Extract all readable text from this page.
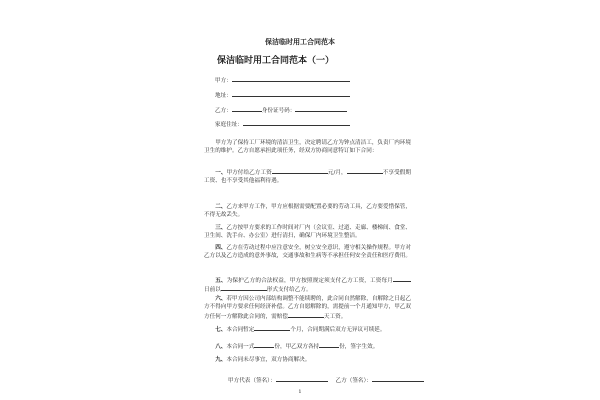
保洁临时用工合同范本
保洁临时用工合同范本（一）
甲方：
地址：
乙方：	身份证号码：
家庭住址：

甲方为了保持工厂环境的清洁卫生，决定聘请乙方为钟点清洁工，负责厂内环境卫生的维护。乙方自愿承担此项任务，经双方协商同意特订如下合同：

一、甲方付给乙方工资	元/月，	不享受假期工资、也不享受其他福利待遇。

二、乙方来甲方工作，甲方应根据需要配置必要的劳动工具，乙方要爱惜保管，不得无故丢失。

三、乙方按甲方要求的工作时间对厂内（会议室、过道、走廊、楼梯间、食堂、卫生间、洗手台、办公室）进行清扫，确保厂内环境卫生整洁。

四、乙方在劳动过程中应注意安全，树立安全意识，遵守相关操作规程。甲方对乙方以及乙方造成的意外事故，交通事故和生病等不承担任何安全责任和医疗费用。

五、为保护乙方的合法权益，甲方按照规定须支付乙方工资，工资每月日前以	形式支付给乙方。

六、若甲方因公司内部结构调整不能续聘的，此合同自然解除，自解除之日起乙方不得向甲方要求任何经济补偿。乙方自愿解除的，需提前一个月通知甲方，甲乙双方任何一方解除此合同的，需赔偿	天工资。

七、本合同暂定	个月，合同期满后双方无异议可续延。

八、本合同一式	份，甲乙双方各持	份，签字生效。

九、本合同未尽事宜，双方协商解决。

甲方代表（签名）：	乙方（签名）：
1
